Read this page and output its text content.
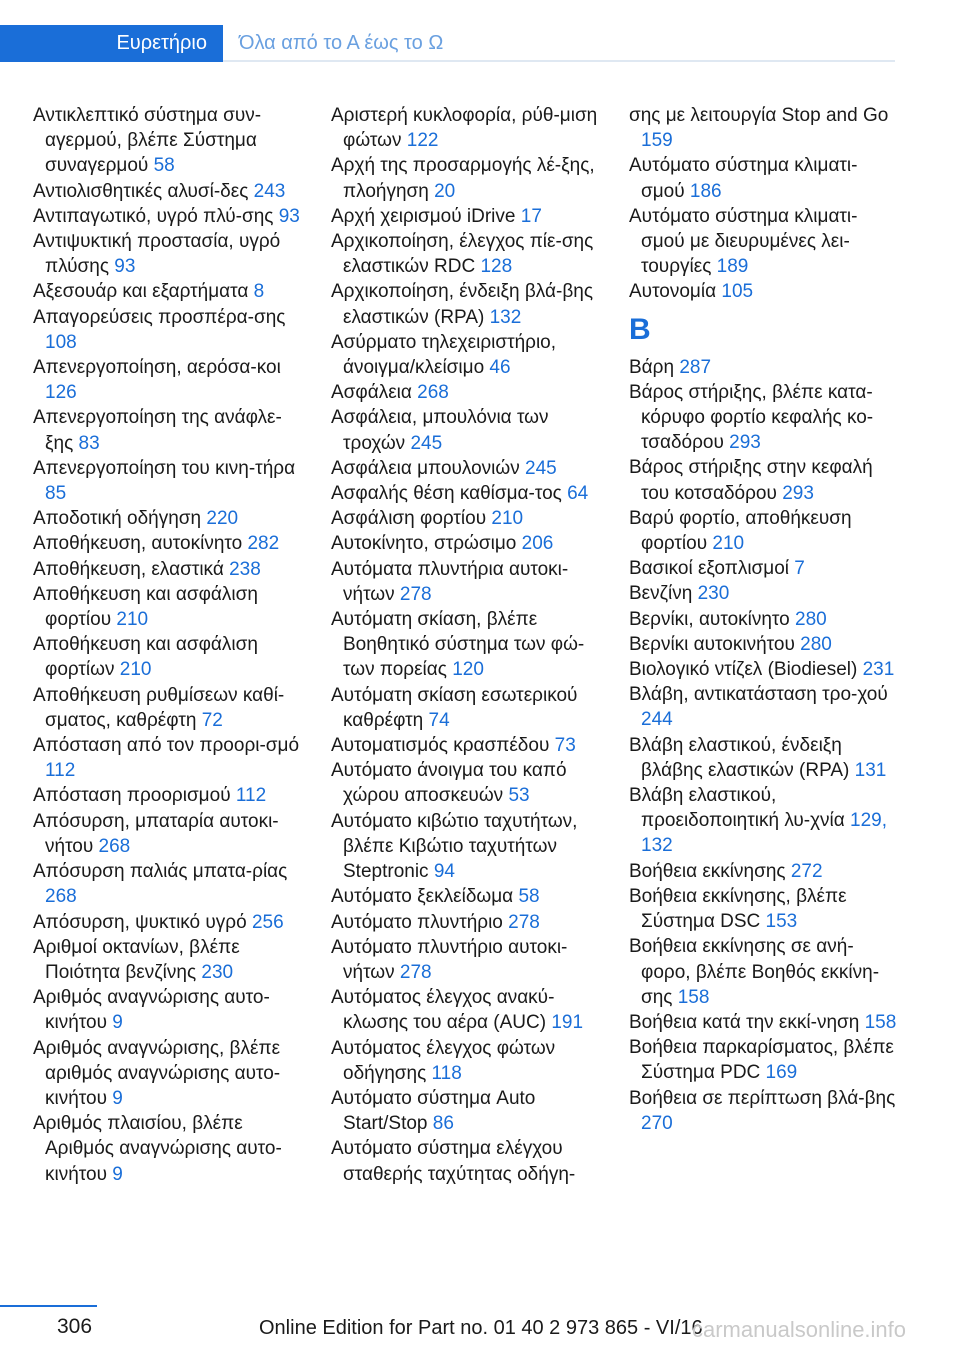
Ευρετήριο	Όλα από το Α έως το Ω
Αντικλεπτικό σύστημα συν-αγερμού, βλέπε Σύστημα συναγερμού 58
Αντιολισθητικές αλυσί-δες 243
Αντιπαγωτικό, υγρό πλύ-σης 93
Αντιψυκτική προστασία, υγρό πλύσης 93
Αξεσουάρ και εξαρτήματα 8
Απαγορεύσεις προσπέρα-σης 108
Απενεργοποίηση, αερόσα-κοι 126
Απενεργοποίηση της ανάφλε-ξης 83
Απενεργοποίηση του κινη-τήρα 85
Αποδοτική οδήγηση 220
Αποθήκευση, αυτοκίνητο 282
Αποθήκευση, ελαστικά 238
Αποθήκευση και ασφάλιση φορτίου 210
Αποθήκευση και ασφάλιση φορτίων 210
Αποθήκευση ρυθμίσεων καθί-σματος, καθρέφτη 72
Απόσταση από τον προορι-σμό 112
Απόσταση προορισμού 112
Απόσυρση, μπαταρία αυτοκι-νήτου 268
Απόσυρση παλιάς μπατα-ρίας 268
Απόσυρση, ψυκτικό υγρό 256
Αριθμοί οκτανίων, βλέπε Ποιότητα βενζίνης 230
Αριθμός αναγνώρισης αυτο-κινήτου 9
Αριθμός αναγνώρισης, βλέπε αριθμός αναγνώρισης αυτο-κινήτου 9
Αριθμός πλαισίου, βλέπε Αριθμός αναγνώρισης αυτο-κινήτου 9
Αριστερή κυκλοφορία, ρύθ-μιση φώτων 122
Αρχή της προσαρμογής λέ-ξης, πλοήγηση 20
Αρχή χειρισμού iDrive 17
Αρχικοποίηση, έλεγχος πίε-σης ελαστικών RDC 128
Αρχικοποίηση, ένδειξη βλά-βης ελαστικών (RPA) 132
Ασύρματο τηλεχειριστήριο, άνοιγμα/κλείσιμο 46
Ασφάλεια 268
Ασφάλεια, μπουλόνια των τροχών 245
Ασφάλεια μπουλονιών 245
Ασφαλής θέση καθίσμα-τος 64
Ασφάλιση φορτίου 210
Αυτοκίνητο, στρώσιμο 206
Αυτόματα πλυντήρια αυτοκι-νήτων 278
Αυτόματη σκίαση, βλέπε Βοηθητικό σύστημα των φώ-των πορείας 120
Αυτόματη σκίαση εσωτερικού καθρέφτη 74
Αυτοματισμός κρασπέδου 73
Αυτόματο άνοιγμα του καπό χώρου αποσκευών 53
Αυτόματο κιβώτιο ταχυτήτων, βλέπε Κιβώτιο ταχυτήτων Steptronic 94
Αυτόματο ξεκλείδωμα 58
Αυτόματο πλυντήριο 278
Αυτόματο πλυντήριο αυτοκι-νήτων 278
Αυτόματος έλεγχος ανακύ-κλωσης του αέρα (AUC) 191
Αυτόματος έλεγχος φώτων οδήγησης 118
Αυτόματο σύστημα Auto Start/Stop 86
Αυτόματο σύστημα ελέγχου σταθερής ταχύτητας οδήγη-
σης με λειτουργία Stop and Go 159
Αυτόματο σύστημα κλιματι-σμού 186
Αυτόματο σύστημα κλιματι-σμού με διευρυμένες λει-τουργίες 189
Αυτονομία 105
B
Βάρη 287
Βάρος στήριξης, βλέπε κατα-κόρυφο φορτίο κεφαλής κο-τσαδόρου 293
Βάρος στήριξης στην κεφαλή του κοτσαδόρου 293
Βαρύ φορτίο, αποθήκευση φορτίου 210
Βασικοί εξοπλισμοί 7
Βενζίνη 230
Βερνίκι, αυτοκίνητο 280
Βερνίκι αυτοκινήτου 280
Βιολογικό ντίζελ (Biodiesel) 231
Βλάβη, αντικατάσταση τρο-χού 244
Βλάβη ελαστικού, ένδειξη βλάβης ελαστικών (RPA) 131
Βλάβη ελαστικού, προειδοποιητική λυ-χνία 129, 132
Βοήθεια εκκίνησης 272
Βοήθεια εκκίνησης, βλέπε Σύστημα DSC 153
Βοήθεια εκκίνησης σε ανή-φορο, βλέπε Βοηθός εκκίνη-σης 158
Βοήθεια κατά την εκκί-νηση 158
Βοήθεια παρκαρίσματος, βλέπε Σύστημα PDC 169
Βοήθεια σε περίπτωση βλά-βης 270
306	Online Edition for Part no. 01 40 2 973 865 - VI/16
carmanualsonline.info
